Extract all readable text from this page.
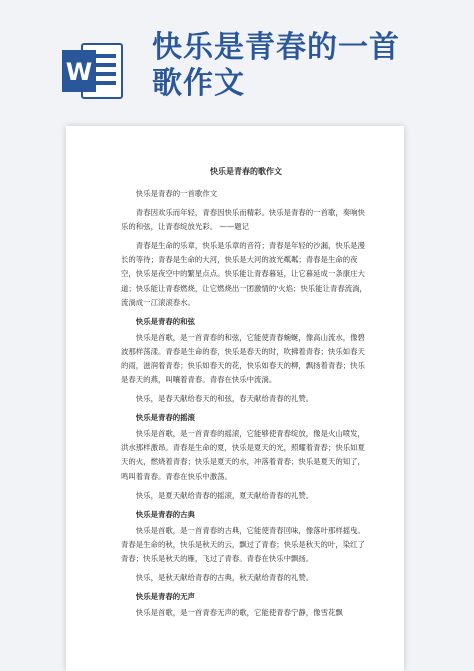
W
快乐是青春的一首
歌作文
快乐是青春的歌作文
快乐是青春的一首歌作文
青春因欢乐而年轻，青春因快乐而精彩。快乐是青春的一首歌，奏响快乐的和弦，让青春绽放光彩。 ——题记
青春是生命的乐章，快乐是乐章的音符；青春是年轻的沙漏，快乐是漫长的等待；青春是生命的大河，快乐是大河的波光粼粼；青春是生命的夜空，快乐是夜空中的繁星点点。快乐能让青春暮延，让它暮延成一条康庄大道；快乐能让青春燃烧，让它燃烧出一团激情的'火焰；快乐能让青春流淌，流淌成一江滚滚春水。
快乐是青春的和弦
快乐是首歌，是一首青春的和弦，它能使青春蜿蜒，像高山流水，像碧波那样荡漾。青春是生命的春，快乐是春天的时，吹拂着青春；快乐如春天的雨，滋润着青春；快乐如春天的花，快乐如春天的柳，飘扬着青春；快乐是春天的燕，叫嚷着青春。青春在快乐中流淌。
快乐，是春天献给春天的和弦，春天献给青春的礼赞。
快乐是青春的摇滚
快乐是首歌，是一首青春的摇滚，它能够使青春绽放，像是火山喷发，洪水那样激昂。青春是生命的夏，快乐是夏天的光，照耀着青春；快乐如夏天的火，燃烧着青春；快乐是夏天的水，冲落着青春；快乐是夏天的知了，鸣叫着青春。青春在快乐中激荡。
快乐，是夏天献给青春的摇滚，夏天献给青春的礼赞。
快乐是青春的古典
快乐是首歌，是一首青春的古典，它能使青春回味，像落叶那样摇曳。青春是生命的秋，快乐是秋天的云，飘过了青春；快乐是秋天的叶，染红了青春；快乐是秋天的雁，飞过了青春。青春在快乐中飘扬。
快乐，是秋天献给青春的古典，秋天献给青春的礼赞。
快乐是青春的无声
快乐是首歌，是一首青春无声的歌，它能使青春宁静，像雪花飘
